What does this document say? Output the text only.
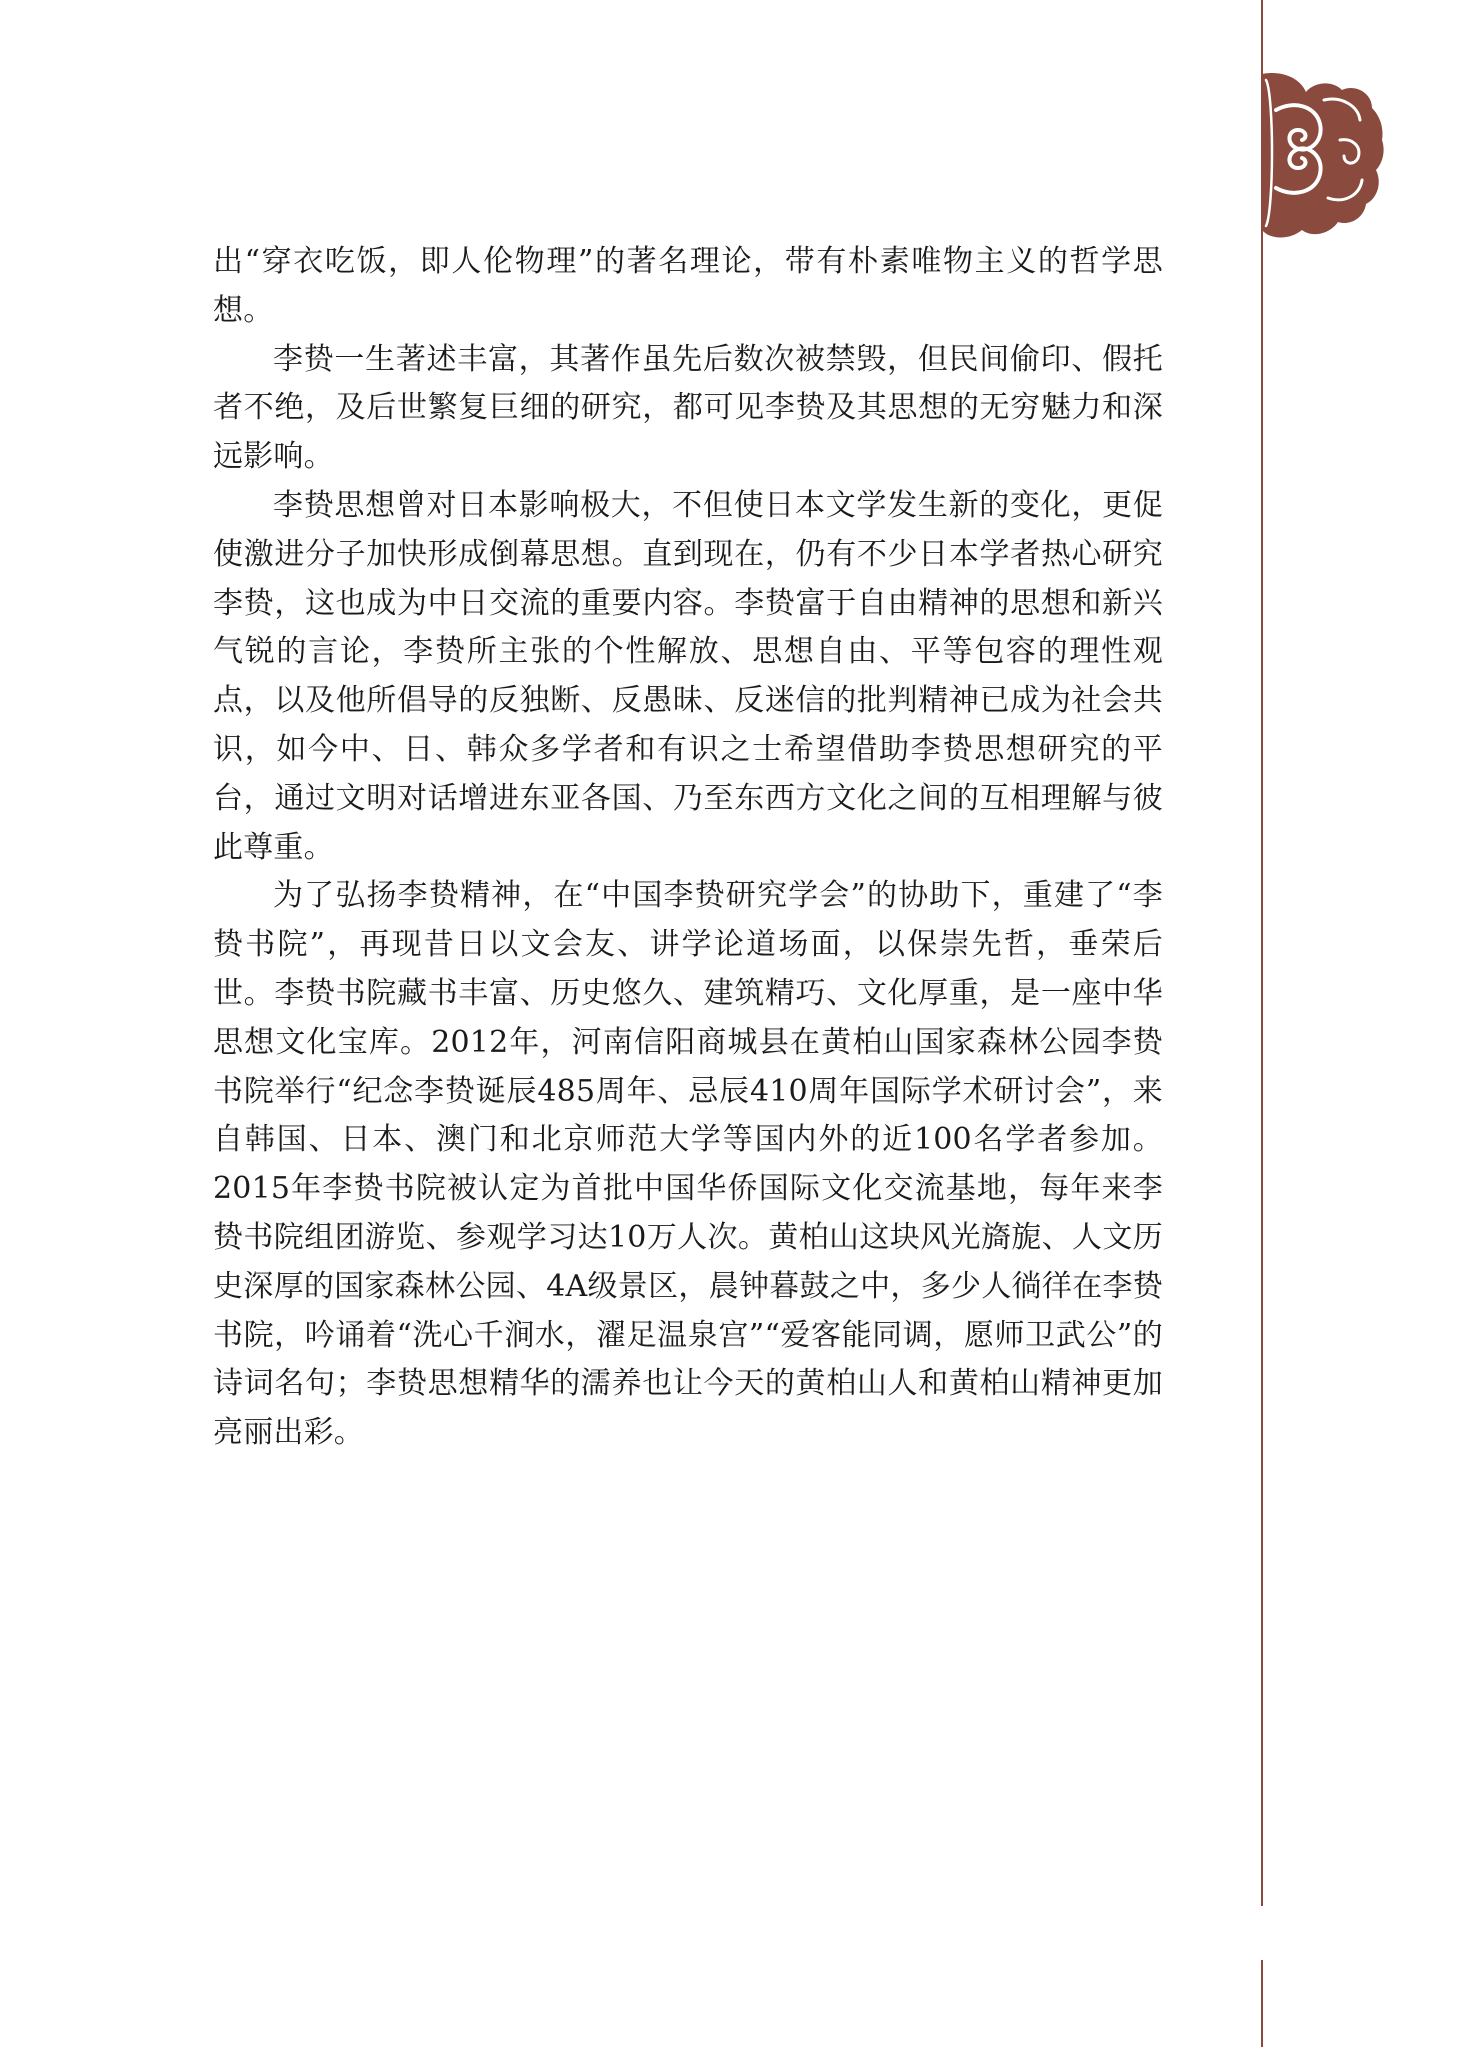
出“穿衣吃饭，即人伦物理”的著名理论，带有朴素唯物主义的哲学思想。

李贽一生著述丰富，其著作虽先后数次被禁毁，但民间偷印、假托者不绝，及后世繁复巨细的研究，都可见李贽及其思想的无穷魅力和深远影响。

李贽思想曾对日本影响极大，不但使日本文学发生新的变化，更促使激进分子加快形成倒幕思想。直到现在，仍有不少日本学者热心研究李贽，这也成为中日交流的重要内容。李贽富于自由精神的思想和新兴气锐的言论，李贽所主张的个性解放、思想自由、平等包容的理性观点，以及他所倡导的反独断、反愚昧、反迷信的批判精神已成为社会共识，如今中、日、韩众多学者和有识之士希望借助李贽思想研究的平台，通过文明对话增进东亚各国、乃至东西方文化之间的互相理解与彼此尊重。

为了弘扬李贽精神，在“中国李贽研究学会”的协助下，重建了“李贽书院”，再现昔日以文会友、讲学论道场面，以保崇先哲，垂荣后世。李贽书院藏书丰富、历史悠久、建筑精巧、文化厚重，是一座中华思想文化宝库。2012年，河南信阳商城县在黄柏山国家森林公园李贽书院举行“纪念李贽诞辰485周年、忌辰410周年国际学术研讨会”，来自韩国、日本、澳门和北京师范大学等国内外的近100名学者参加。2015年李贽书院被认定为首批中国华侨国际文化交流基地，每年来李贽书院组团游览、参观学习达10万人次。黄柏山这块风光旖旎、人文历史深厚的国家森林公园、4A级景区，晨钟暮鼓之中，多少人徜徉在李贽书院，吟诵着“洗心千涧水，濯足温泉宫”“爱客能同调，愿师卫武公”的诗词名句；李贽思想精华的濡养也让今天的黄柏山人和黄柏山精神更加亮丽出彩。
